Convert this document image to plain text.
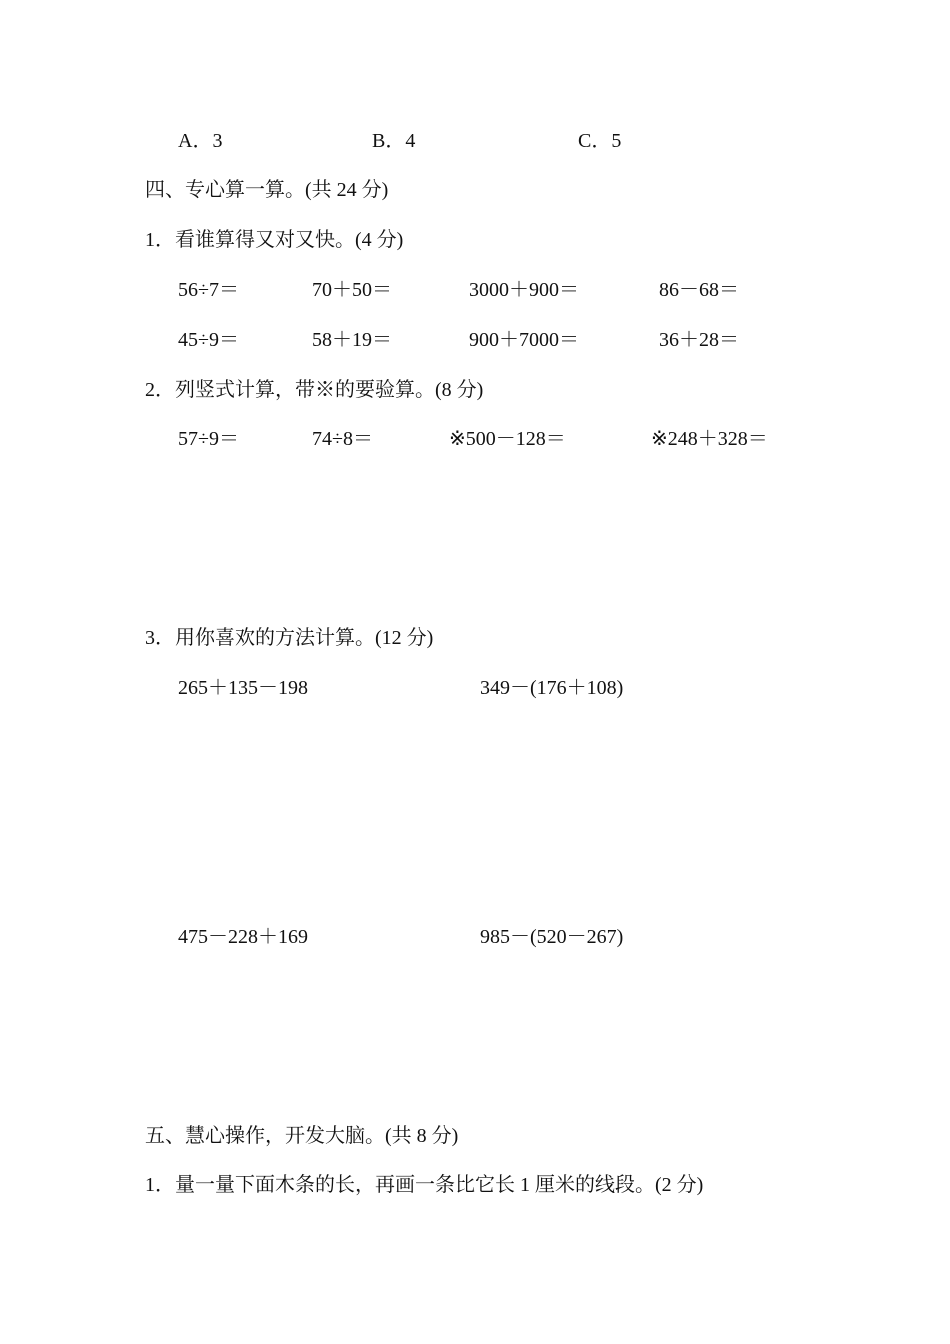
A．3	B．4	C．5
四、专心算一算。(共 24 分)
1．看谁算得又对又快。(4 分)
56÷7＝	70＋50＝	3000＋900＝	86－68＝
45÷9＝	58＋19＝	900＋7000＝	36＋28＝
2．列竖式计算，带※的要验算。(8 分)
57÷9＝	74÷8＝	※500－128＝	※248＋328＝
3．用你喜欢的方法计算。(12 分)
265＋135－198	349－(176＋108)
475－228＋169	985－(520－267)
五、慧心操作，开发大脑。(共 8 分)
1．量一量下面木条的长，再画一条比它长 1 厘米的线段。(2 分)
